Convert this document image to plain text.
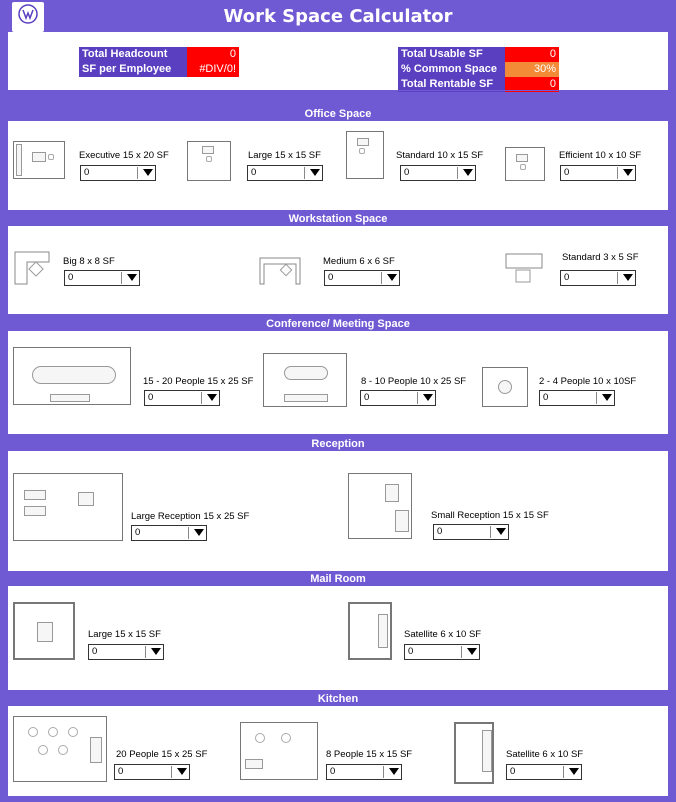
Work Space Calculator
Total Headcount	0
SF per Employee	#DIV/0!
Total Usable SF	0
% Common Space	30%
Total Rentable SF	0
Office Space
Executive 15 x 20 SF
0
Large 15 x 15 SF
0
Standard 10 x 15 SF
0
Efficient 10 x 10 SF
0
Workstation Space
Big 8 x 8 SF
0
Medium 6 x 6 SF
0
Standard 3 x 5 SF
0
Conference/ Meeting Space
15 - 20 People 15 x 25 SF
0
8 - 10 People 10 x 25 SF
0
2 - 4 People 10 x 10SF
0
Reception
Large Reception 15 x 25 SF
0
Small Reception 15 x 15 SF
0
Mail Room
Large 15 x 15 SF
0
Satellite 6 x 10 SF
0
Kitchen
20 People 15 x 25 SF
0
8 People 15 x 15 SF
0
Satellite 6 x 10 SF
0
